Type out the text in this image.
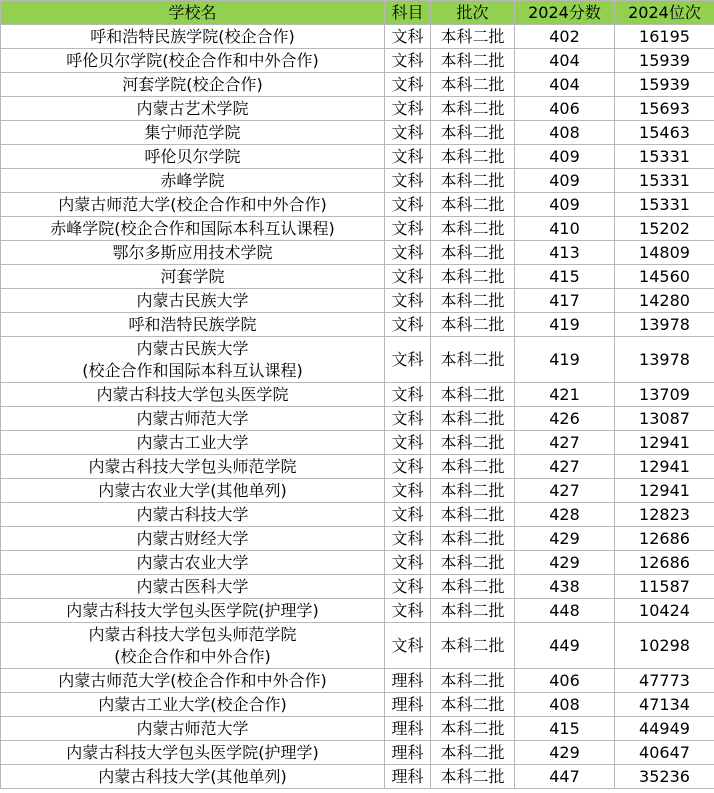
学校名	科目	批次	2024分数	2024位次

呼和浩特民族学院(校企合作)	文科	本科二批	402	16195

呼伦贝尔学院(校企合作和中外合作)	文科	本科二批	404	15939

河套学院(校企合作)	文科	本科二批	404	15939

内蒙古艺术学院	文科	本科二批	406	15693

集宁师范学院	文科	本科二批	408	15463

呼伦贝尔学院	文科	本科二批	409	15331

赤峰学院	文科	本科二批	409	15331

内蒙古师范大学(校企合作和中外合作)	文科	本科二批	409	15331

赤峰学院(校企合作和国际本科互认课程)	文科	本科二批	410	15202

鄂尔多斯应用技术学院	文科	本科二批	413	14809

河套学院	文科	本科二批	415	14560

内蒙古民族大学	文科	本科二批	417	14280

呼和浩特民族学院	文科	本科二批	419	13978

内蒙古民族大学
(校企合作和国际本科互认课程)	文科	本科二批	419	13978

内蒙古科技大学包头医学院	文科	本科二批	421	13709

内蒙古师范大学	文科	本科二批	426	13087

内蒙古工业大学	文科	本科二批	427	12941

内蒙古科技大学包头师范学院	文科	本科二批	427	12941

内蒙古农业大学(其他单列)	文科	本科二批	427	12941

内蒙古科技大学	文科	本科二批	428	12823

内蒙古财经大学	文科	本科二批	429	12686

内蒙古农业大学	文科	本科二批	429	12686

内蒙古医科大学	文科	本科二批	438	11587

内蒙古科技大学包头医学院(护理学)	文科	本科二批	448	10424

内蒙古科技大学包头师范学院
(校企合作和中外合作)	文科	本科二批	449	10298

内蒙古师范大学(校企合作和中外合作)	理科	本科二批	406	47773

内蒙古工业大学(校企合作)	理科	本科二批	408	47134

内蒙古师范大学	理科	本科二批	415	44949

内蒙古科技大学包头医学院(护理学)	理科	本科二批	429	40647

内蒙古科技大学(其他单列)	理科	本科二批	447	35236
